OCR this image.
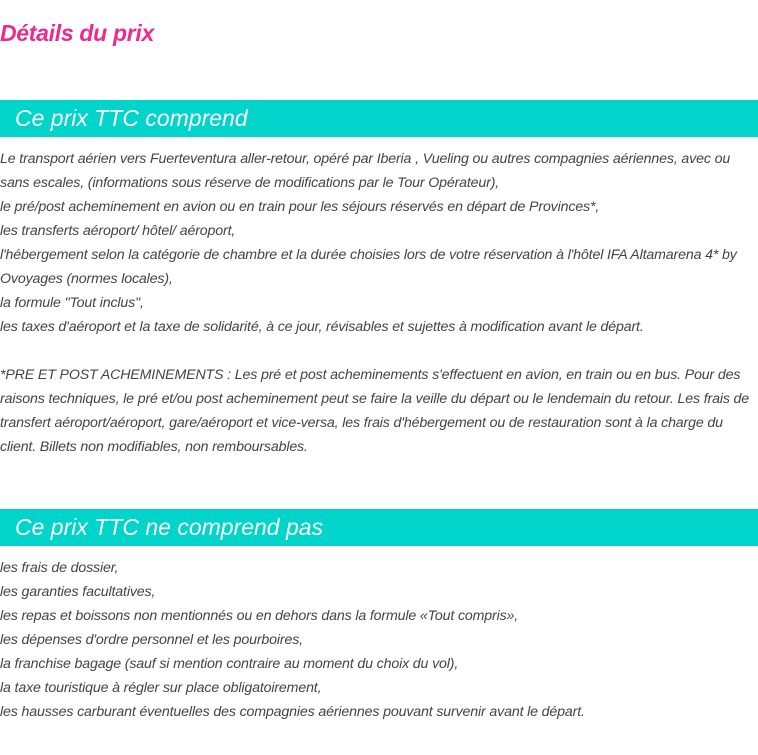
Détails du prix
Ce prix TTC comprend

Le transport aérien vers Fuerteventura aller-retour, opéré par Iberia , Vueling ou autres compagnies aériennes, avec ou sans escales, (informations sous réserve de modifications par le Tour Opérateur),

le pré/post acheminement en avion ou en train pour les séjours réservés en départ de Provinces*,

les transferts aéroport/ hôtel/ aéroport,

l'hébergement selon la catégorie de chambre et la durée choisies lors de votre réservation à l'hôtel IFA Altamarena 4* by Ovoyages (normes locales),

la formule "Tout inclus",

les taxes d'aéroport et la taxe de solidarité, à ce jour, révisables et sujettes à modification avant le départ.

*PRE ET POST ACHEMINEMENTS : Les pré et post acheminements s'effectuent en avion, en train ou en bus. Pour des raisons techniques, le pré et/ou post acheminement peut se faire la veille du départ ou le lendemain du retour. Les frais de transfert aéroport/aéroport, gare/aéroport et vice-versa, les frais d'hébergement ou de restauration sont à la charge du client. Billets non modifiables, non remboursables.

Ce prix TTC ne comprend pas

les frais de dossier,

les garanties facultatives,

les repas et boissons non mentionnés ou en dehors dans la formule «Tout compris»,

les dépenses d'ordre personnel et les pourboires,

la franchise bagage (sauf si mention contraire au moment du choix du vol),

la taxe touristique à régler sur place obligatoirement,

les hausses carburant éventuelles des compagnies aériennes pouvant survenir avant le départ.
